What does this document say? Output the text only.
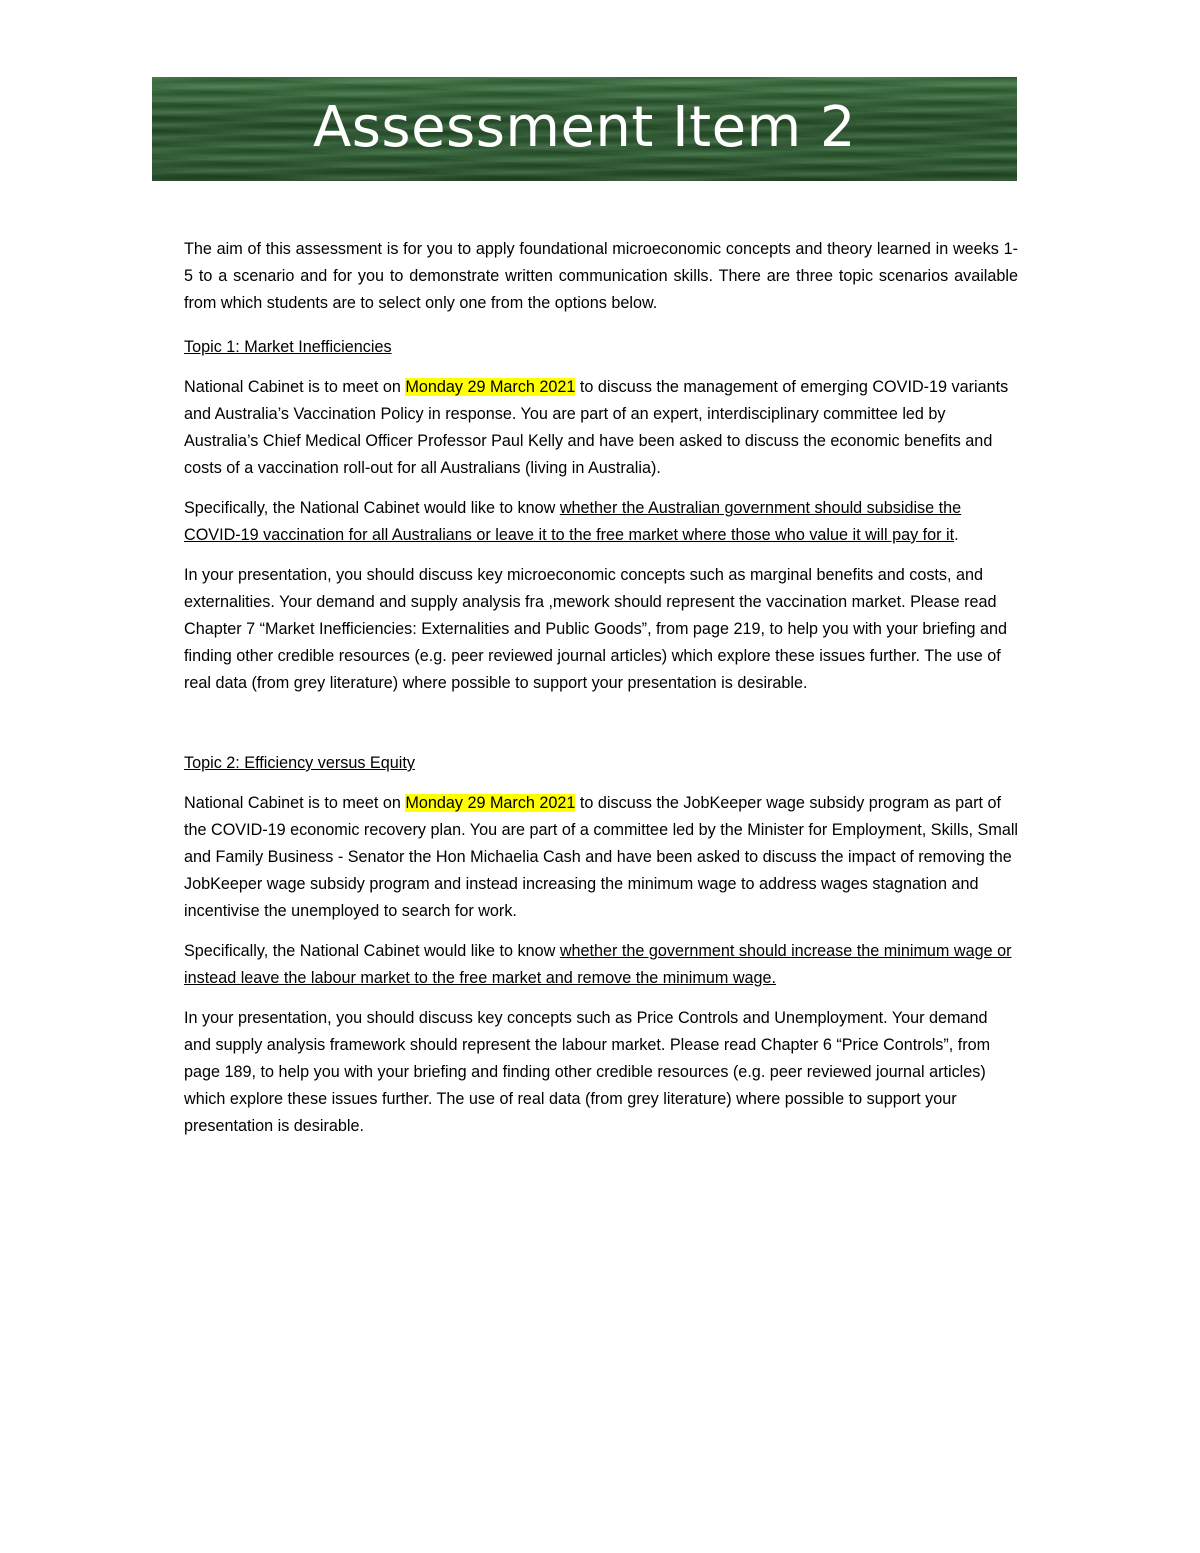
Assessment Item 2

The aim of this assessment is for you to apply foundational microeconomic concepts and theory learned in weeks 1-5 to a scenario and for you to demonstrate written communication skills. There are three topic scenarios available from which students are to select only one from the options below.

Topic 1: Market Inefficiencies

National Cabinet is to meet on Monday 29 March 2021 to discuss the management of emerging COVID-19 variants and Australia’s Vaccination Policy in response. You are part of an expert, interdisciplinary committee led by Australia’s Chief Medical Officer Professor Paul Kelly and have been asked to discuss the economic benefits and costs of a vaccination roll-out for all Australians (living in Australia).

Specifically, the National Cabinet would like to know whether the Australian government should subsidise the COVID-19 vaccination for all Australians or leave it to the free market where those who value it will pay for it.

In your presentation, you should discuss key microeconomic concepts such as marginal benefits and costs, and externalities. Your demand and supply analysis fra ,mework should represent the vaccination market. Please read Chapter 7 “Market Inefficiencies: Externalities and Public Goods”, from page 219, to help you with your briefing and finding other credible resources (e.g. peer reviewed journal articles) which explore these issues further. The use of real data (from grey literature) where possible to support your presentation is desirable.

Topic 2: Efficiency versus Equity

National Cabinet is to meet on Monday 29 March 2021 to discuss the JobKeeper wage subsidy program as part of the COVID-19 economic recovery plan. You are part of a committee led by the Minister for Employment, Skills, Small and Family Business - Senator the Hon Michaelia Cash and have been asked to discuss the impact of removing the JobKeeper wage subsidy program and instead increasing the minimum wage to address wages stagnation and incentivise the unemployed to search for work.

Specifically, the National Cabinet would like to know whether the government should increase the minimum wage or instead leave the labour market to the free market and remove the minimum wage.

In your presentation, you should discuss key concepts such as Price Controls and Unemployment. Your demand and supply analysis framework should represent the labour market. Please read Chapter 6 “Price Controls”, from page 189, to help you with your briefing and finding other credible resources (e.g. peer reviewed journal articles) which explore these issues further. The use of real data (from grey literature) where possible to support your presentation is desirable.
